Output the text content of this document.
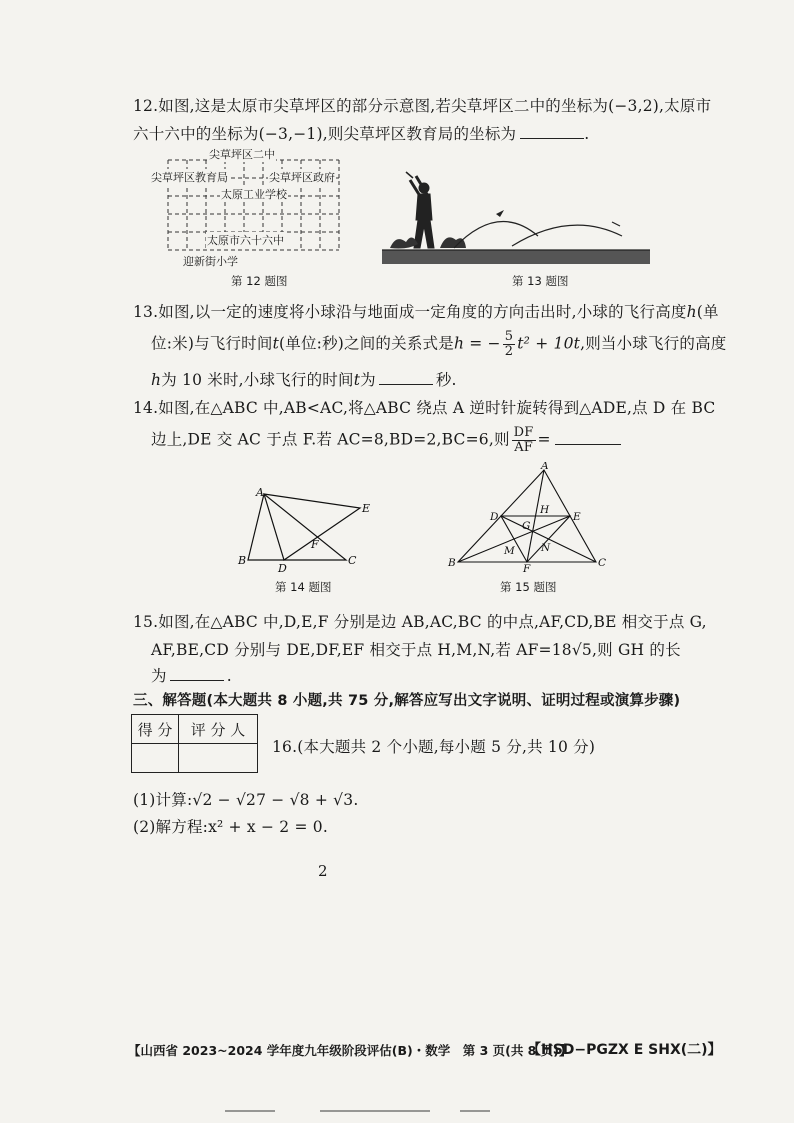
12.如图,这是太原市尖草坪区的部分示意图,若尖草坪区二中的坐标为(−3,2),太原市
六十六中的坐标为(−3,−1),则尖草坪区教育局的坐标为	.
尖草坪区二中
尖草坪区教育局	尖草坪区政府
太原工业学校
太原市六十六中
迎新街小学
第 12 题图	第 13 题图
13.如图,以一定的速度将小球沿与地面成一定角度的方向击出时,小球的飞行高度h(单
位:米)与飞行时间t(单位:秒)之间的关系式是h = − $\frac{5}{2} t^2 + 10t$,则当小球飞行的高度
h为 10 米时,小球飞行的时间t为	秒.
14.如图,在△ABC 中,AB<AC,将△ABC 绕点 A 逆时针旋转得到△ADE,点 D 在 BC
边上,DE 交 AC 于点 F.若 AC=8,BD=2,BC=6,则 $\frac{DF}{AF}$ =
A
B	C
D
E
F
第 14 题图
A
B	C
D	E
F
G
H
M N
第 15 题图
15.如图,在△ABC 中,D,E,F 分别是边 AB,AC,BC 的中点,AF,CD,BE 相交于点 G,
AF,BE,CD 分别与 DE,DF,EF 相交于点 H,M,N,若 AF=18√5,则 GH 的长
为	.
三、解答题(本大题共 8 小题,共 75 分,解答应写出文字说明、证明过程或演算步骤)
得 分	评 分 人

16.(本大题共 2 个小题,每小题 5 分,共 10 分)
(1)计算:√2 − √27 − √8 + √3.
(2)解方程:x² + x − 2 = 0.
2
【山西省 2023~2024 学年度九年级阶段评估(B)・数学　第 3 页(共 8 页)】
【HSD−PGZX E SHX(二)】
